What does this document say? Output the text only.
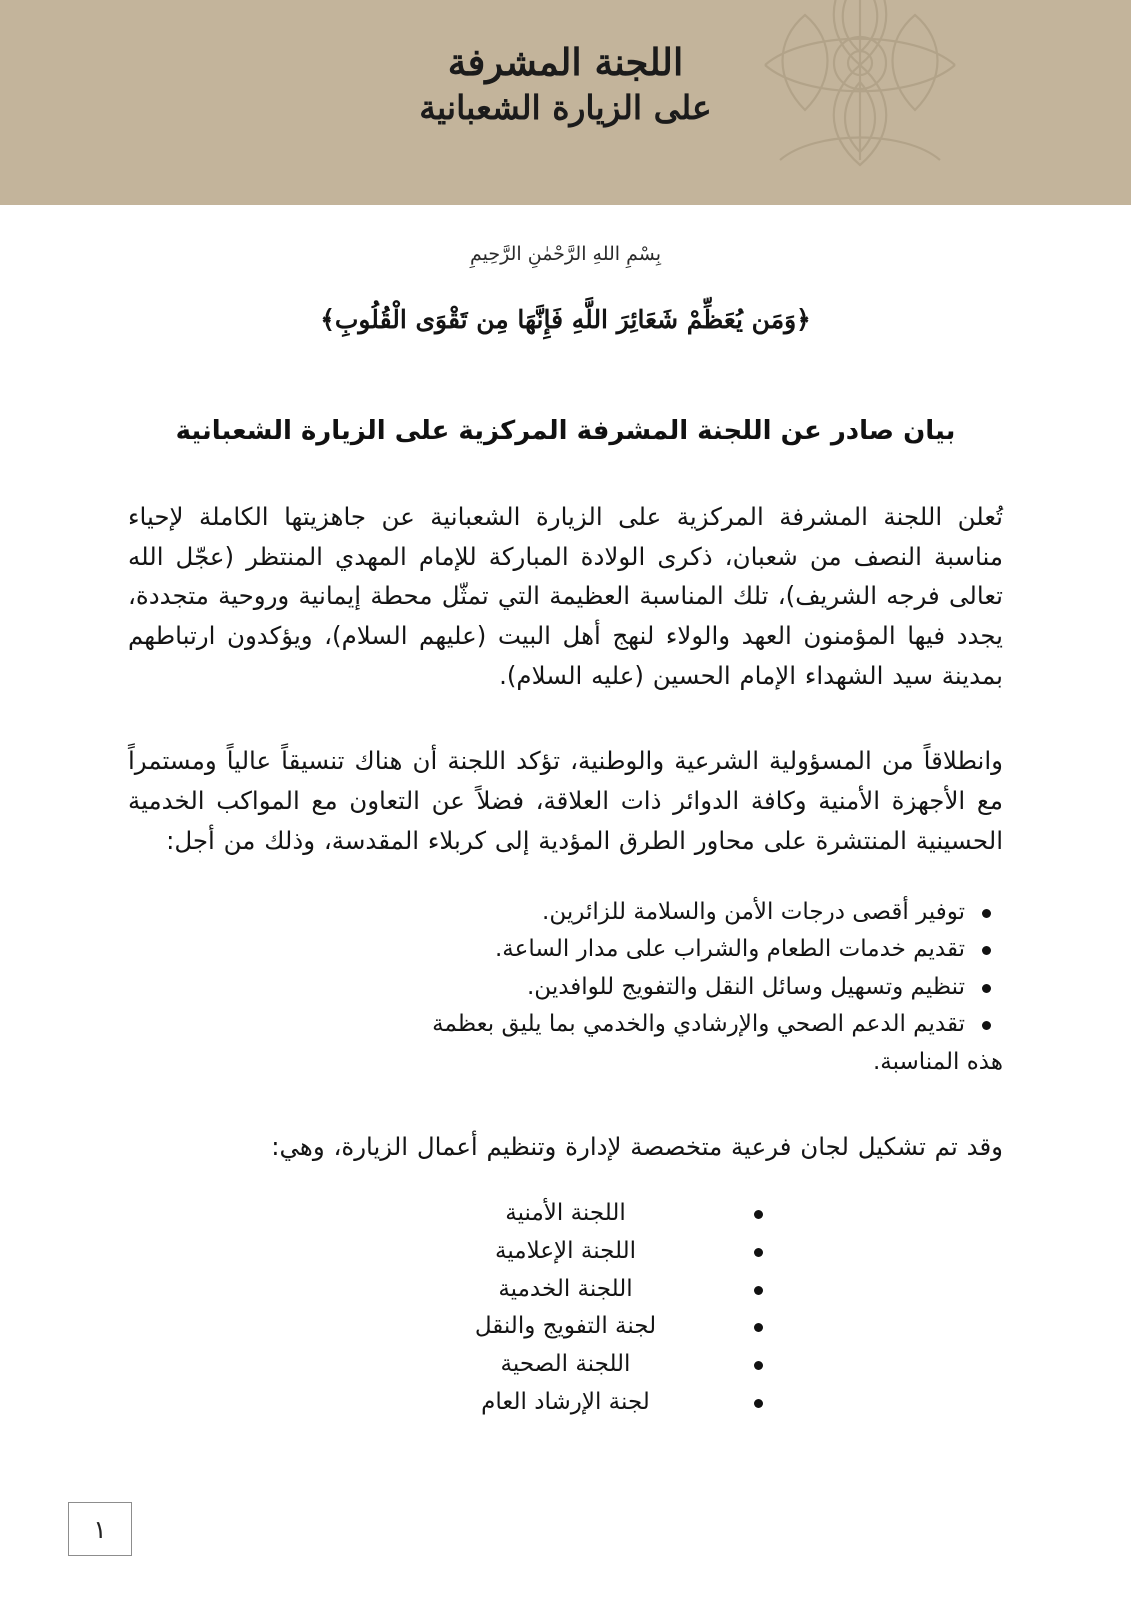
اللجنة المشرفة
على الزيارة الشعبانية
بِسْمِ اللهِ الرَّحْمٰنِ الرَّحِيمِ
﴿وَمَن يُعَظِّمْ شَعَائِرَ اللَّهِ فَإِنَّهَا مِن تَقْوَى الْقُلُوبِ﴾
بيان صادر عن اللجنة المشرفة المركزية على الزيارة الشعبانية

تُعلن اللجنة المشرفة المركزية على الزيارة الشعبانية عن جاهزيتها الكاملة لإحياء مناسبة النصف من شعبان، ذكرى الولادة المباركة للإمام المهدي المنتظر (عجّل الله تعالى فرجه الشريف)، تلك المناسبة العظيمة التي تمثّل محطة إيمانية وروحية متجددة، يجدد فيها المؤمنون العهد والولاء لنهج أهل البيت (عليهم السلام)، ويؤكدون ارتباطهم بمدينة سيد الشهداء الإمام الحسين (عليه السلام).

وانطلاقاً من المسؤولية الشرعية والوطنية، تؤكد اللجنة أن هناك تنسيقاً عالياً ومستمراً مع الأجهزة الأمنية وكافة الدوائر ذات العلاقة، فضلاً عن التعاون مع المواكب الخدمية الحسينية المنتشرة على محاور الطرق المؤدية إلى كربلاء المقدسة، وذلك من أجل:

توفير أقصى درجات الأمن والسلامة للزائرين.
تقديم خدمات الطعام والشراب على مدار الساعة.
تنظيم وتسهيل وسائل النقل والتفويج للوافدين.
تقديم الدعم الصحي والإرشادي والخدمي بما يليق بعظمة
هذه المناسبة.

وقد تم تشكيل لجان فرعية متخصصة لإدارة وتنظيم أعمال الزيارة، وهي:

اللجنة الأمنية
اللجنة الإعلامية
اللجنة الخدمية
لجنة التفويج والنقل
اللجنة الصحية
لجنة الإرشاد العام
١
